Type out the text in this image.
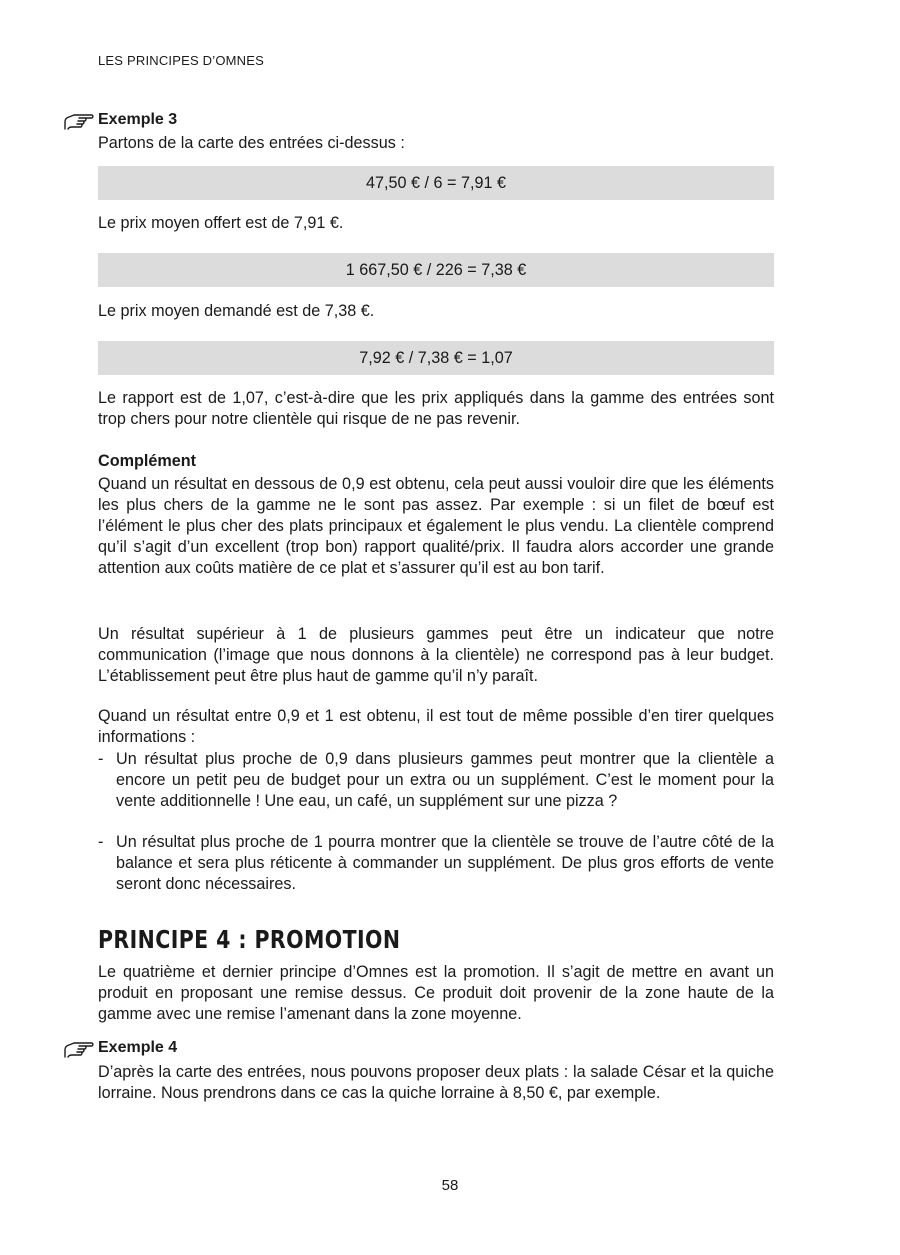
LES PRINCIPES D’OMNES
Exemple 3
Partons de la carte des entrées ci-dessus :
47,50 € / 6 = 7,91 €
Le prix moyen offert est de 7,91 €.
1 667,50 € / 226 = 7,38 €
Le prix moyen demandé est de 7,38 €.
7,92 € / 7,38 € = 1,07
Le rapport est de 1,07, c’est-à-dire que les prix appliqués dans la gamme des entrées sont trop chers pour notre clientèle qui risque de ne pas revenir.
Complément
Quand un résultat en dessous de 0,9 est obtenu, cela peut aussi vouloir dire que les éléments les plus chers de la gamme ne le sont pas assez. Par exemple : si un filet de bœuf est l’élément le plus cher des plats principaux et également le plus vendu. La clientèle comprend qu’il s’agit d’un excellent (trop bon) rapport qualité/prix. Il faudra alors accorder une grande attention aux coûts matière de ce plat et s’assurer qu’il est au bon tarif.
Un résultat supérieur à 1 de plusieurs gammes peut être un indicateur que notre communication (l’image que nous donnons à la clientèle) ne correspond pas à leur budget. L’établissement peut être plus haut de gamme qu’il n’y paraît.
Quand un résultat entre 0,9 et 1 est obtenu, il est tout de même possible d’en tirer quelques informations :
- Un résultat plus proche de 0,9 dans plusieurs gammes peut montrer que la clientèle a encore un petit peu de budget pour un extra ou un supplément. C’est le moment pour la vente additionnelle ! Une eau, un café, un supplément sur une pizza ?
- Un résultat plus proche de 1 pourra montrer que la clientèle se trouve de l’autre côté de la balance et sera plus réticente à commander un supplément. De plus gros efforts de vente seront donc nécessaires.
PRINCIPE 4 : PROMOTION
Le quatrième et dernier principe d’Omnes est la promotion. Il s’agit de mettre en avant un produit en proposant une remise dessus. Ce produit doit provenir de la zone haute de la gamme avec une remise l’amenant dans la zone moyenne.
Exemple 4
D’après la carte des entrées, nous pouvons proposer deux plats : la salade César et la quiche lorraine. Nous prendrons dans ce cas la quiche lorraine à 8,50 €, par exemple.
58
